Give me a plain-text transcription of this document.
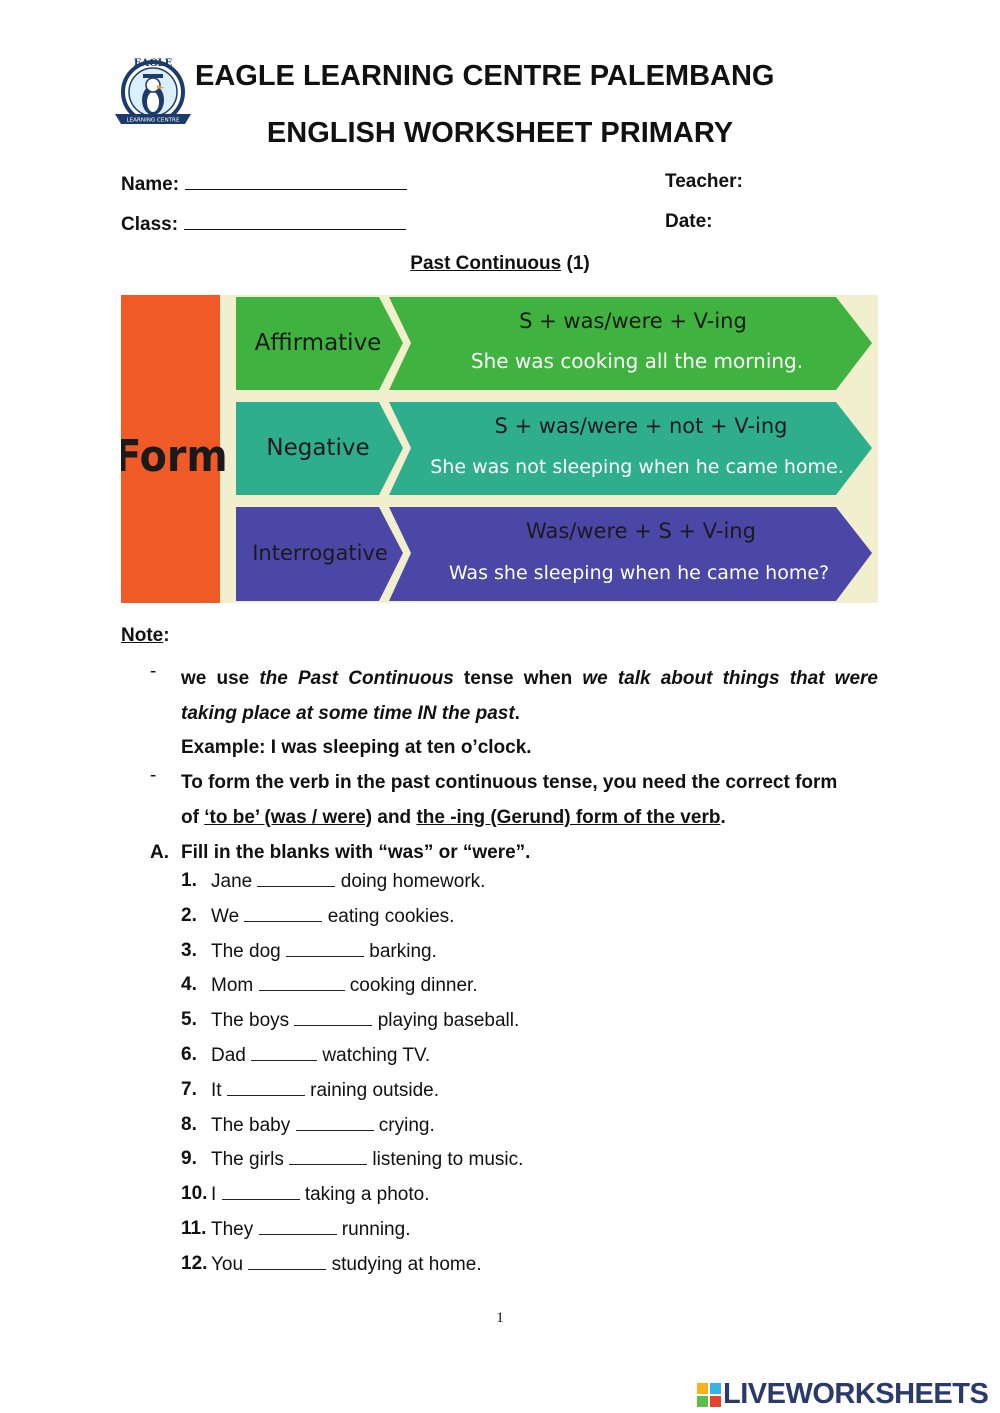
EAGLE
LEARNING CENTRE
EAGLE LEARNING CENTRE PALEMBANG
ENGLISH WORKSHEET PRIMARY
Name:
Class:
Teacher:
Date:
Past Continuous (1)
Form
Affirmative
S + was/were + V-ing
She was cooking all the morning.
Negative
S + was/were + not + V-ing
She was not sleeping when he came home.
Interrogative
Was/were + S + V-ing
Was she sleeping when he came home?
Note:
- we use the Past Continuous tense when we talk about things that were
taking place at some time IN the past.
Example: I was sleeping at ten o’clock.
- To form the verb in the past continuous tense, you need the correct form
of ‘to be’ (was / were) and the -ing (Gerund) form of the verb.
A. Fill in the blanks with “was” or “were”.
1. Jane	doing homework.
2. We	eating cookies.
3. The dog	barking.
4. Mom	cooking dinner.
5. The boys	playing baseball.
6. Dad	watching TV.
7. It	raining outside.
8. The baby	crying.
9. The girls	listening to music.
10. I	taking a photo.
11. They	running.
12. You	studying at home.
1
LIVEWORKSHEETS
